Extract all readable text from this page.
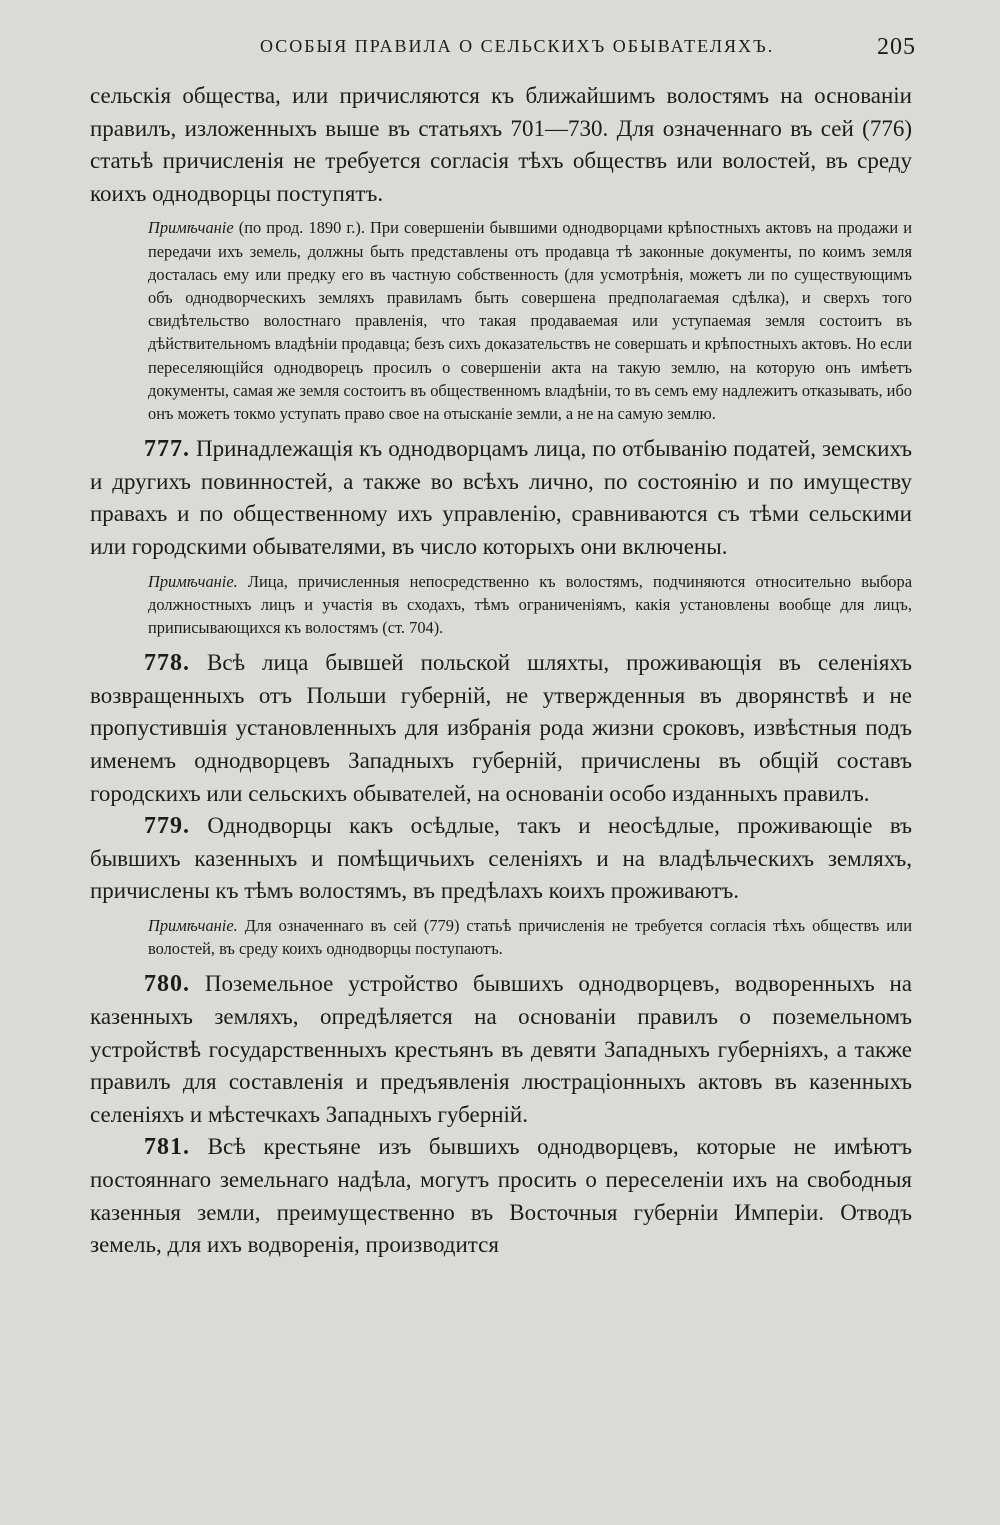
ОСОБЫЯ ПРАВИЛА О СЕЛЬСКИХЪ ОБЫВАТЕЛЯХЪ.	205

сельскія общества, или причисляются къ ближайшимъ волостямъ на основаніи правилъ, изложенныхъ выше въ статьяхъ 701—730. Для означеннаго въ сей (776) статьѣ причисленія не требуется согласія тѣхъ обществъ или волостей, въ среду коихъ однодворцы поступятъ.

Примѣчаніе (по прод. 1890 г.). При совершеніи бывшими однодворцами крѣпостныхъ актовъ на продажи и передачи ихъ земель, должны быть представлены отъ продавца тѣ законные документы, по коимъ земля досталась ему или предку его въ частную собственность (для усмотрѣнія, можетъ ли по существующимъ объ однодворческихъ земляхъ правиламъ быть совершена предполагаемая сдѣлка), и сверхъ того свидѣтельство волостнаго правленія, что такая продаваемая или уступаемая земля состоитъ въ дѣйствительномъ владѣніи продавца; безъ сихъ доказательствъ не совершать и крѣпостныхъ актовъ. Но если переселяющійся однодворецъ просилъ о совершеніи акта на такую землю, на которую онъ имѣетъ документы, самая же земля состоитъ въ общественномъ владѣніи, то въ семъ ему надлежитъ отказывать, ибо онъ можетъ токмо уступать право свое на отысканіе земли, а не на самую землю.

777. Принадлежащія къ однодворцамъ лица, по отбыванію податей, земскихъ и другихъ повинностей, а также во всѣхъ лично, по состоянію и по имуществу правахъ и по общественному ихъ управленію, сравниваются съ тѣми сельскими или городскими обывателями, въ число которыхъ они включены.

Примѣчаніе. Лица, причисленныя непосредственно къ волостямъ, подчиняются относительно выбора должностныхъ лицъ и участія въ сходахъ, тѣмъ ограниченіямъ, какія установлены вообще для лицъ, приписывающихся къ волостямъ (ст. 704).

778. Всѣ лица бывшей польской шляхты, проживающія въ селеніяхъ возвращенныхъ отъ Польши губерній, не утвержденныя въ дворянствѣ и не пропустившія установленныхъ для избранія рода жизни сроковъ, извѣстныя подъ именемъ однодворцевъ Западныхъ губерній, причислены въ общій составъ городскихъ или сельскихъ обывателей, на основаніи особо изданныхъ правилъ.

779. Однодворцы какъ осѣдлые, такъ и неосѣдлые, проживающіе въ бывшихъ казенныхъ и помѣщичьихъ селеніяхъ и на владѣльческихъ земляхъ, причислены къ тѣмъ волостямъ, въ предѣлахъ коихъ проживаютъ.

Примѣчаніе. Для означеннаго въ сей (779) статьѣ причисленія не требуется согласія тѣхъ обществъ или волостей, въ среду коихъ однодворцы поступаютъ.

780. Поземельное устройство бывшихъ однодворцевъ, водворенныхъ на казенныхъ земляхъ, опредѣляется на основаніи правилъ о поземельномъ устройствѣ государственныхъ крестьянъ въ девяти Западныхъ губерніяхъ, а также правилъ для составленія и предъявленія люстраціонныхъ актовъ въ казенныхъ селеніяхъ и мѣстечкахъ Западныхъ губерній.

781. Всѣ крестьяне изъ бывшихъ однодворцевъ, которые не имѣютъ постояннаго земельнаго надѣла, могутъ просить о переселеніи ихъ на свободныя казенныя земли, преимущественно въ Восточныя губерніи Имперіи. Отводъ земель, для ихъ водворенія, производится
